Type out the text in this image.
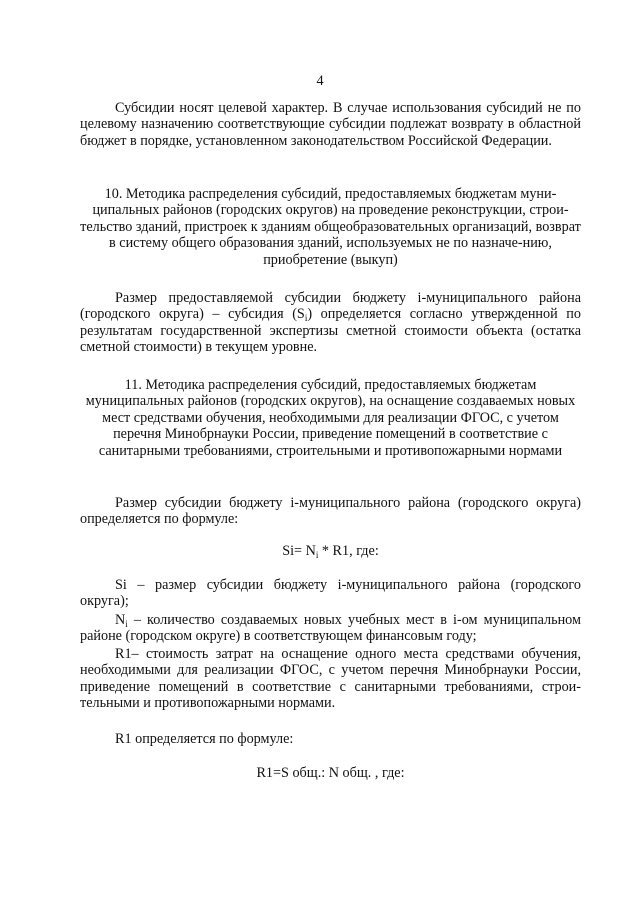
4
Субсидии носят целевой характер. В случае использования субсидий не по целевому назначению соответствующие субсидии подлежат возврату в областной бюджет в порядке, установленном законодательством Российской Федерации.
10. Методика распределения субсидий, предоставляемых бюджетам муни-ципальных районов (городских округов) на проведение реконструкции, строи-тельство зданий, пристроек к зданиям общеобразовательных организаций, возврат в систему общего образования зданий, используемых не по назначе-нию, приобретение (выкуп)
Размер предоставляемой субсидии бюджету i-муниципального района (городского округа) – субсидия $(S_i)$ определяется согласно утвержденной по результатам государственной экспертизы сметной стоимости объекта (остатка сметной стоимости) в текущем уровне.
11. Методика распределения субсидий, предоставляемых бюджетам муниципальных районов (городских округов), на оснащение создаваемых новых мест средствами обучения, необходимыми для реализации ФГОС, с учетом перечня Минобрнауки России, приведение помещений в соответствие с санитарными требованиями, строительными и противопожарными нормами
Размер субсидии бюджету i-муниципального района (городского округа) определяется по формуле:
$Si= N_i * R1$, где:
Si – размер субсидии бюджету i-муниципального района (городского округа);
$N_i$ – количество создаваемых новых учебных мест в i-ом муниципальном районе (городском округе) в соответствующем финансовым году;
R1– стоимость затрат на оснащение одного места средствами обучения, необходимыми для реализации ФГОС, с учетом перечня Минобрнауки России, приведение помещений в соответствие с санитарными требованиями, строи-тельными и противопожарными нормами.
R1 определяется по формуле:
R1=S общ.: N общ. , где:
